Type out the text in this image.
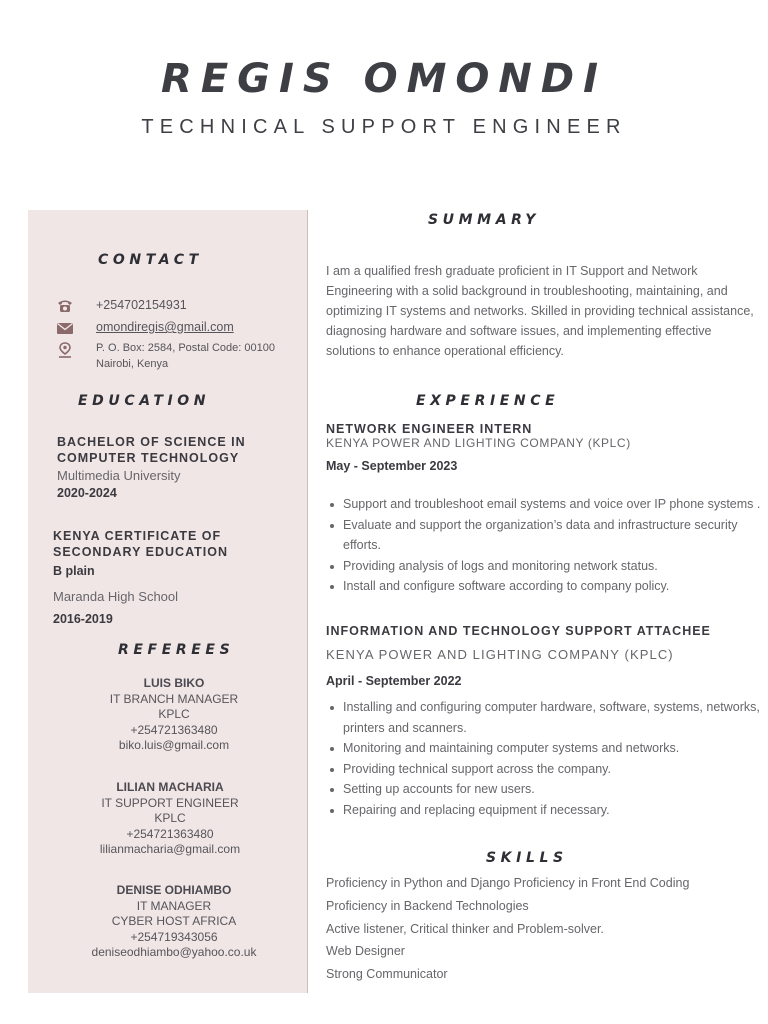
REGIS OMONDI
TECHNICAL SUPPORT ENGINEER
CONTACT
+254702154931
omondiregis@gmail.com
P. O. Box: 2584, Postal Code: 00100
Nairobi, Kenya
EDUCATION
BACHELOR OF SCIENCE IN
COMPUTER TECHNOLOGY
Multimedia University
2020-2024
KENYA CERTIFICATE OF
SECONDARY EDUCATION
B plain
Maranda High School
2016-2019
REFEREES
LUIS BIKO
IT BRANCH MANAGER
KPLC
+254721363480
biko.luis@gmail.com
LILIAN MACHARIA
IT SUPPORT ENGINEER
KPLC
+254721363480
lilianmacharia@gmail.com
DENISE ODHIAMBO
IT MANAGER
CYBER HOST AFRICA
+254719343056
deniseodhiambo@yahoo.co.uk
SUMMARY
I am a qualified fresh graduate proficient in IT Support and Network Engineering with a solid background in troubleshooting, maintaining, and optimizing IT systems and networks. Skilled in providing technical assistance, diagnosing hardware and software issues, and implementing effective solutions to enhance operational efficiency.
EXPERIENCE
NETWORK ENGINEER INTERN
KENYA POWER AND LIGHTING COMPANY (KPLC)
May - September 2023
Support and troubleshoot email systems and voice over IP phone systems .
Evaluate and support the organization’s data and infrastructure security efforts.
Providing analysis of logs and monitoring network status.
Install and configure software according to company policy.
INFORMATION AND TECHNOLOGY SUPPORT ATTACHEE
KENYA POWER AND LIGHTING COMPANY (KPLC)
April - September 2022
Installing and configuring computer hardware, software, systems, networks, printers and scanners.
Monitoring and maintaining computer systems and networks.
Providing technical support across the company.
Setting up accounts for new users.
Repairing and replacing equipment if necessary.
SKILLS
Proficiency in Python and Django Proficiency in Front End Coding
Proficiency in Backend Technologies
Active listener, Critical thinker and Problem-solver.
Web Designer
Strong Communicator
